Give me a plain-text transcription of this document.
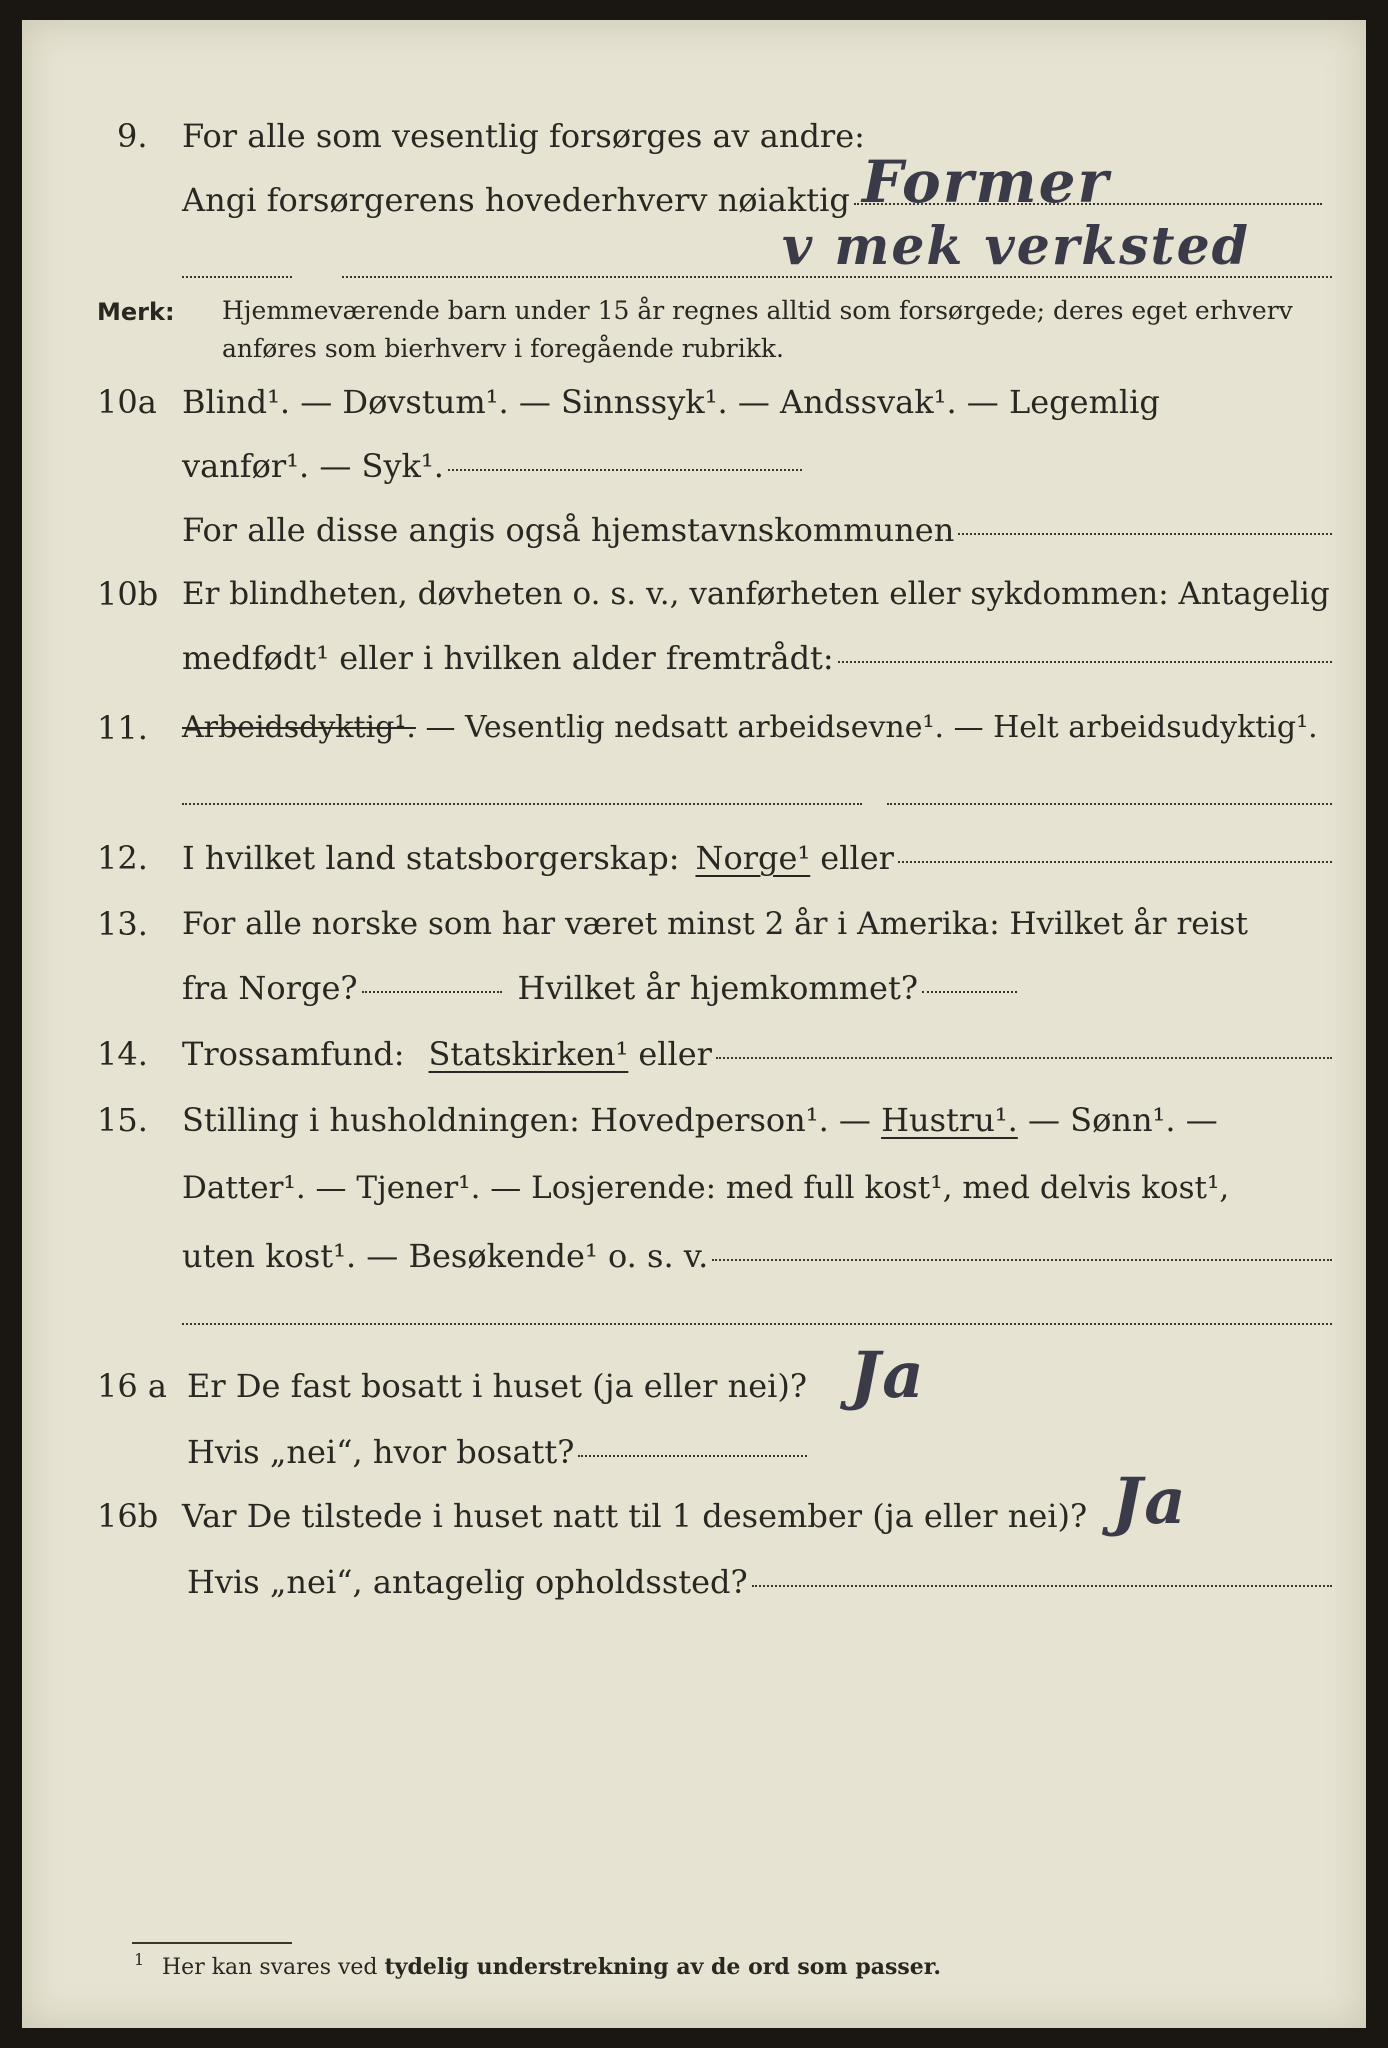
9.	For alle som vesentlig forsørges av andre:
Angi forsørgerens hovederhverv nøiaktig Former
v mek verksted
Merk: Hjemmeværende barn under 15 år regnes alltid som forsørgede; deres eget erhverv anføres som bierhverv i foregående rubrikk.
10a Blind¹. — Døvstum¹. — Sinnssyk¹. — Andssvak¹. — Legemlig
vanfør¹. — Syk¹.
For alle disse angis også hjemstavnskommunen
10b Er blindheten, døvheten o. s. v., vanførheten eller sykdommen: Antagelig
medfødt¹ eller i hvilken alder fremtrådt:
11.	Arbeidsdyktig¹. — Vesentlig nedsatt arbeidsevne¹. — Helt arbeidsudyktig¹.
12.	I hvilket land statsborgerskap: Norge¹ eller
13.	For alle norske som har været minst 2 år i Amerika: Hvilket år reist
fra Norge?	Hvilket år hjemkommet?
14.	Trossamfund: Statskirken¹ eller
15.	Stilling i husholdningen: Hovedperson¹. — Hustru¹. — Sønn¹. —
Datter¹. — Tjener¹. — Losjerende: med full kost¹, med delvis kost¹,
uten kost¹. — Besøkende¹ o. s. v.
16 a Er De fast bosatt i huset (ja eller nei)? Ja
Hvis „nei“, hvor bosatt?
16b Var De tilstede i huset natt til 1 desember (ja eller nei)? Ja
Hvis „nei“, antagelig opholdssted?
1 Her kan svares ved tydelig understrekning av de ord som passer.
